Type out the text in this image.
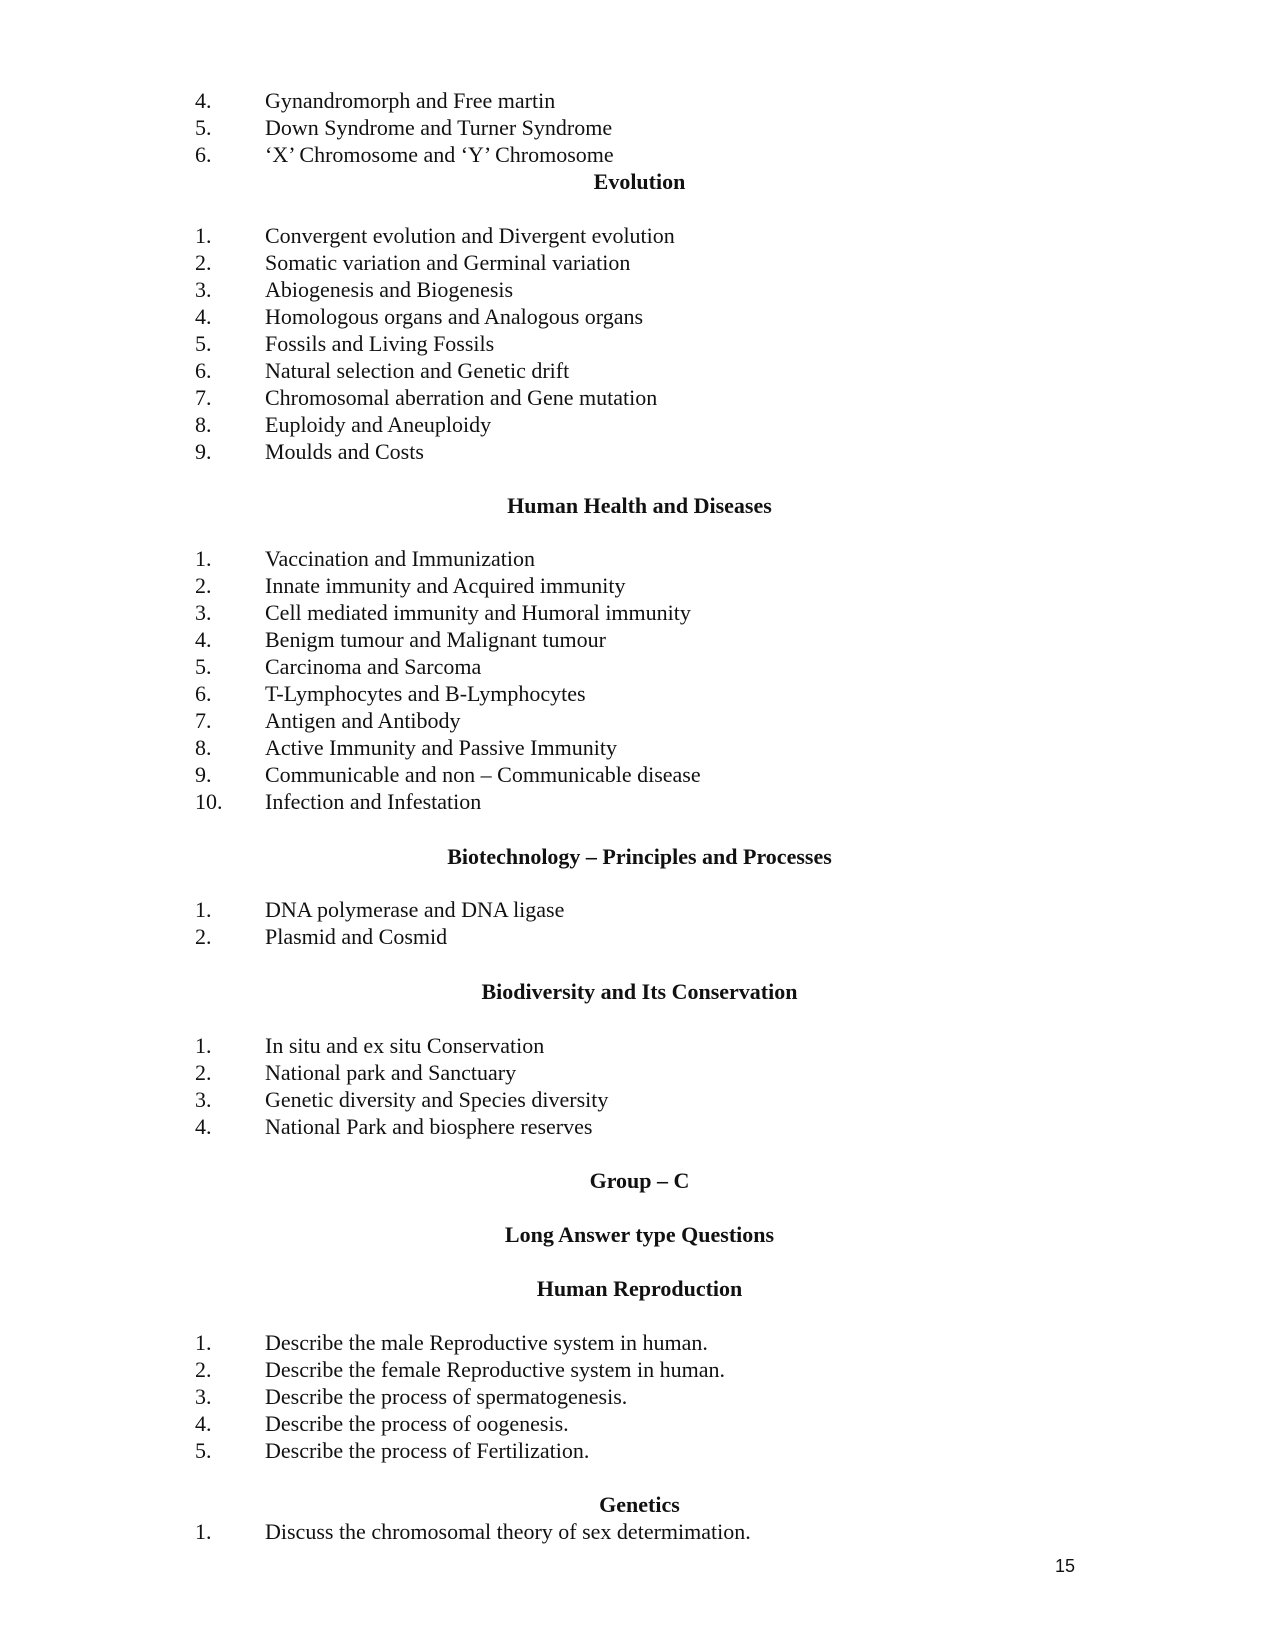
4. Gynandromorph and Free martin
5. Down Syndrome and Turner Syndrome
6. ‘X’ Chromosome and ‘Y’ Chromosome
Evolution
1. Convergent evolution and Divergent evolution
2. Somatic variation and Germinal variation
3. Abiogenesis and Biogenesis
4. Homologous organs and Analogous organs
5. Fossils and Living Fossils
6. Natural selection and Genetic drift
7. Chromosomal aberration and Gene mutation
8. Euploidy and Aneuploidy
9. Moulds and Costs
Human Health and Diseases
1. Vaccination and Immunization
2. Innate immunity and Acquired immunity
3. Cell mediated immunity and Humoral immunity
4. Benigm tumour and Malignant tumour
5. Carcinoma and Sarcoma
6. T-Lymphocytes and B-Lymphocytes
7. Antigen and Antibody
8. Active Immunity and Passive Immunity
9. Communicable and non – Communicable disease
10. Infection and Infestation
Biotechnology – Principles and Processes
1. DNA polymerase and DNA ligase
2. Plasmid and Cosmid
Biodiversity and Its Conservation
1. In situ and ex situ Conservation
2. National park and Sanctuary
3. Genetic diversity and Species diversity
4. National Park and biosphere reserves
Group – C
Long Answer type Questions
Human Reproduction
1. Describe the male Reproductive system in human.
2. Describe the female Reproductive system in human.
3. Describe the process of spermatogenesis.
4. Describe the process of oogenesis.
5. Describe the process of Fertilization.
Genetics
1. Discuss the chromosomal theory of sex determimation.
15
